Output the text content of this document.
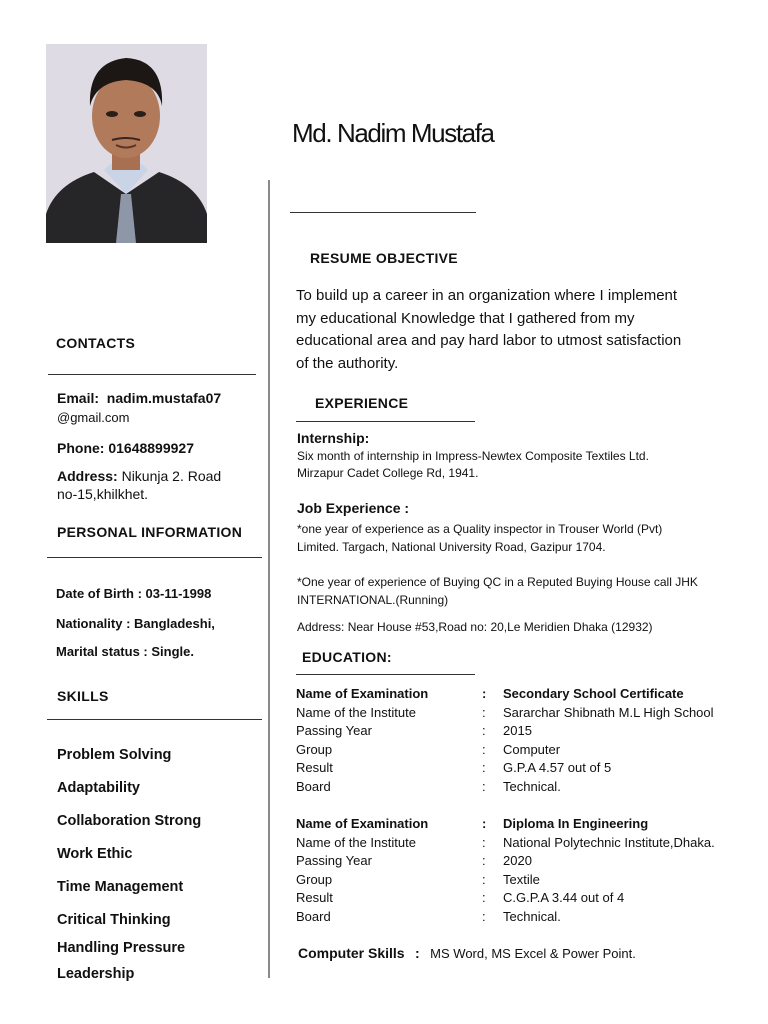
Md. Nadim Mustafa
CONTACTS
Email: nadim.mustafa07
@gmail.com
Phone: 01648899927
Address: Nikunja 2. Road
no-15,khilkhet.
PERSONAL INFORMATION
Date of Birth : 03-11-1998
Nationality : Bangladeshi,
Marital status : Single.
SKILLS
Problem Solving
Adaptability
Collaboration Strong
Work Ethic
Time Management
Critical Thinking
Handling Pressure
Leadership
RESUME OBJECTIVE
To build up a career in an organization where I implement
my educational Knowledge that I gathered from my
educational area and pay hard labor to utmost satisfaction
of the authority.
EXPERIENCE
Internship:
Six month of internship in Impress-Newtex Composite Textiles Ltd.
Mirzapur Cadet College Rd, 1941.
Job Experience :
*one year of experience as a Quality inspector in Trouser World (Pvt)
Limited. Targach, National University Road, Gazipur 1704.
*One year of experience of Buying QC in a Reputed Buying House call JHK
INTERNATIONAL.(Running)
Address: Near House #53,Road no: 20,Le Meridien Dhaka (12932)
EDUCATION:
Name of Examination	:	Secondary School Certificate
Name of the Institute	:	Sararchar Shibnath M.L High School
Passing Year	:	2015
Group	:	Computer
Result	:	G.P.A 4.57 out of 5
Board	:	Technical.
Name of Examination	:	Diploma In Engineering
Name of the Institute	:	National Polytechnic Institute,Dhaka.
Passing Year	:	2020
Group	:	Textile
Result	:	C.G.P.A 3.44 out of 4
Board	:	Technical.
Computer Skills : MS Word, MS Excel & Power Point.
